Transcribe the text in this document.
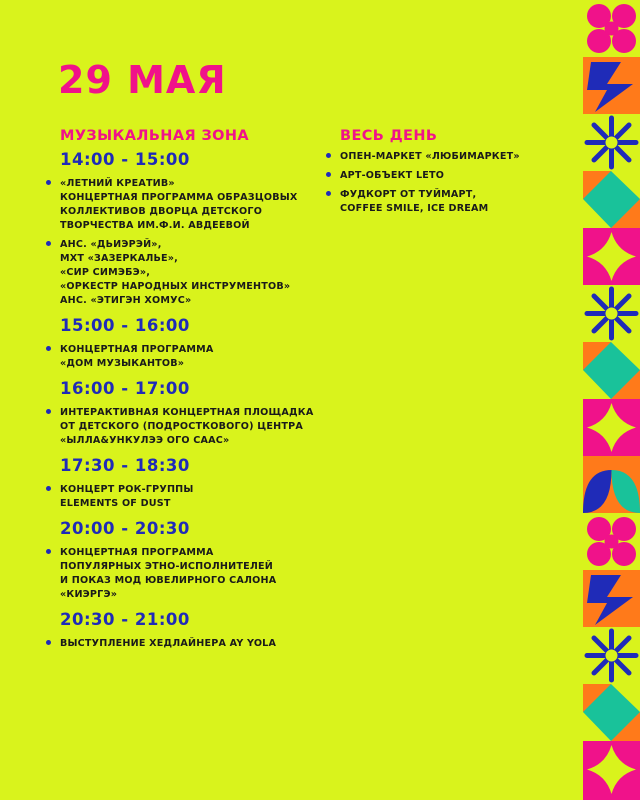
29 МАЯ
МУЗЫКАЛЬНАЯ ЗОНА
14:00 - 15:00
«ЛЕТНИЙ КРЕАТИВ»
КОНЦЕРТНАЯ ПРОГРАММА ОБРАЗЦОВЫХ
КОЛЛЕКТИВОВ ДВОРЦА ДЕТСКОГО
ТВОРЧЕСТВА ИМ.Ф.И. АВДЕЕВОЙ
АНС. «ДЬИЭРЭЙ»,
МХТ «ЗАЗЕРКАЛЬЕ»,
«СИР СИМЭБЭ»,
«ОРКЕСТР НАРОДНЫХ ИНСТРУМЕНТОВ»
АНС. «ЭТИГЭН ХОМУС»
15:00 - 16:00
КОНЦЕРТНАЯ ПРОГРАММА
«ДОМ МУЗЫКАНТОВ»
16:00 - 17:00
ИНТЕРАКТИВНАЯ КОНЦЕРТНАЯ ПЛОЩАДКА
ОТ ДЕТСКОГО (ПОДРОСТКОВОГО) ЦЕНТРА
«ЫЛЛА&УНКУЛЭЭ ОГО СААС»
17:30 - 18:30
КОНЦЕРТ РОК-ГРУППЫ
ELEMENTS OF DUST
20:00 - 20:30
КОНЦЕРТНАЯ ПРОГРАММА
ПОПУЛЯРНЫХ ЭТНО-ИСПОЛНИТЕЛЕЙ
И ПОКАЗ МОД ЮВЕЛИРНОГО САЛОНА
«КИЭРГЭ»
20:30 - 21:00
ВЫСТУПЛЕНИЕ ХЕДЛАЙНЕРА AY YOLA
ВЕСЬ ДЕНЬ
ОПЕН-МАРКЕТ «ЛЮБИМАРКЕТ»
АРТ-ОБЪЕКТ LETO
ФУДКОРТ ОТ ТУЙМАРТ,
COFFEE SMILE, ICE DREAM
